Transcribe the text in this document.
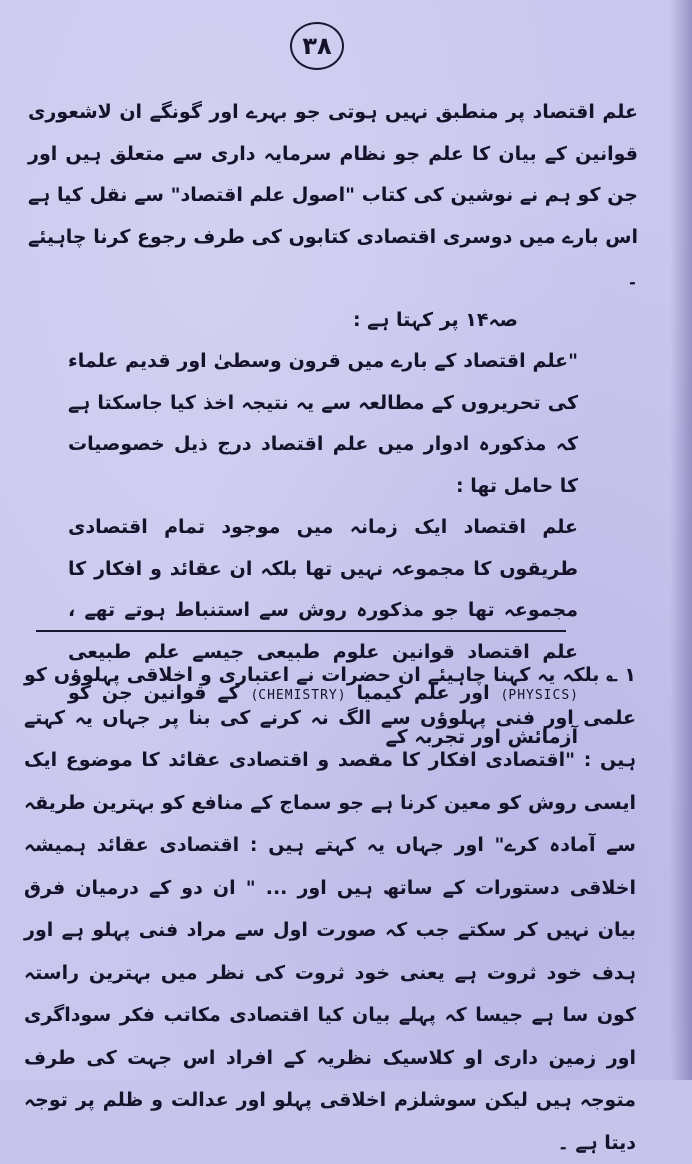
۳۸

علم اقتصاد پر منطبق نہیں ہوتی جو بہرے اور گونگے ان لاشعوری قوانین کے بیان کا علم جو نظام سرمایہ داری سے متعلق ہیں اور جن کو ہم نے نوشین کی کتاب "اصول علم اقتصاد" سے نقل کیا ہے اس بارے میں دوسری اقتصادی کتابوں کی طرف رجوع کرنا چاہیئے ۔

صہ۱۴ پر کہتا ہے :

"علم اقتصاد کے بارے میں قرون وسطیٰ اور قدیم علماء کی تحریروں کے مطالعہ سے یہ نتیجہ اخذ کیا جاسکتا ہے کہ مذکورہ ادوار میں علم اقتصاد درج ذیل خصوصیات کا حامل تھا :

علم اقتصاد ایک زمانہ میں موجود تمام اقتصادی طریقوں کا مجموعہ نہیں تھا بلکہ ان عقائد و افکار کا مجموعہ تھا جو مذکورہ روش سے استنباط ہوتے تھے ، علم اقتصاد قوانین علوم طبیعی جیسے علم طبیعی (PHYSICS) اور علم کیمیا (CHEMISTRY) کے قوانین جن کو آزمائش اور تجربہ کے

۱ ؎ بلکہ یہ کہنا چاہیئے ان حضرات نے اعتباری و اخلاقی پہلوؤں کو علمی اور فنی پہلوؤں سے الگ نہ کرنے کی بنا پر جہاں یہ کہتے ہیں : "اقتصادی افکار کا مقصد و اقتصادی عقائد کا موضوع ایک ایسی روش کو معین کرنا ہے جو سماج کے منافع کو بہترین طریقہ سے آمادہ کرے" اور جہاں یہ کہتے ہیں : اقتصادی عقائد ہمیشہ اخلاقی دستورات کے ساتھ ہیں اور ... " ان دو کے درمیان فرق بیان نہیں کر سکتے جب کہ صورت اول سے مراد فنی پہلو ہے اور ہدف خود ثروت ہے یعنی خود ثروت کی نظر میں بہترین راستہ کون سا ہے جیسا کہ پہلے بیان کیا اقتصادی مکاتب فکر سوداگری اور زمین داری او کلاسیک نظریہ کے افراد اس جہت کی طرف متوجہ ہیں لیکن سوشلزم اخلاقی پہلو اور عدالت و ظلم پر توجہ دیتا ہے ۔
